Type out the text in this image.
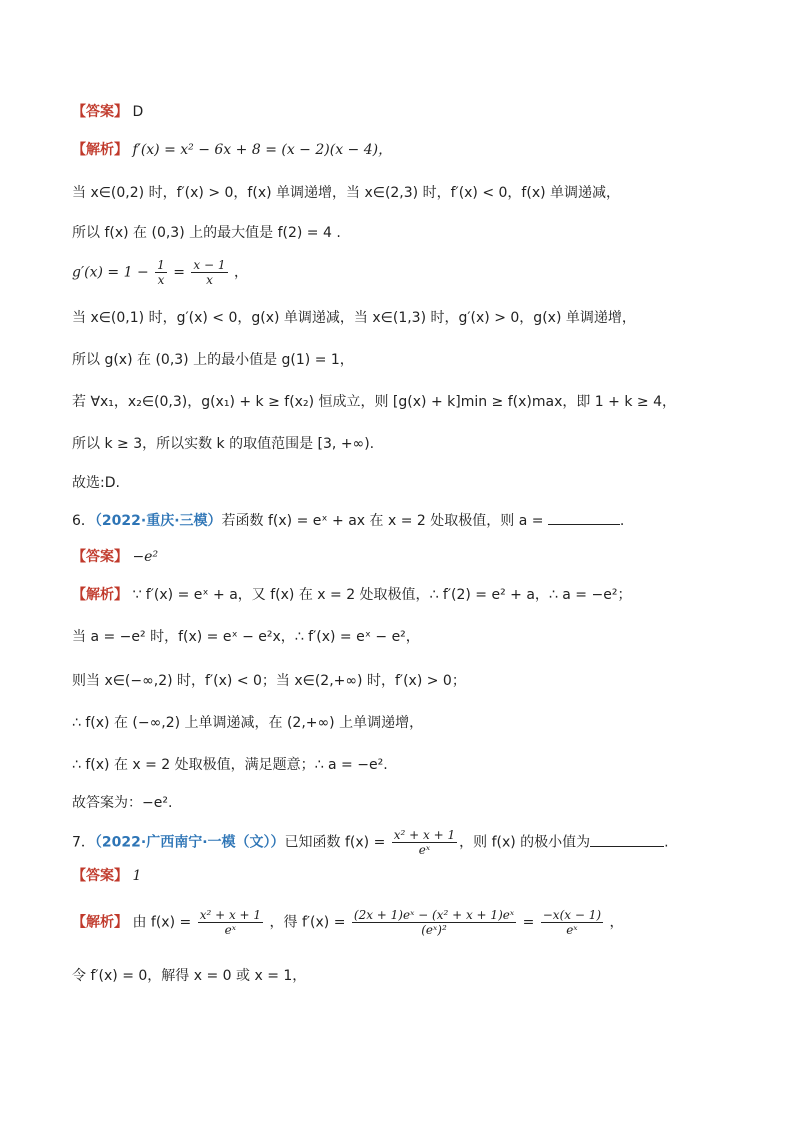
【答案】 D
【解析】 f′(x) = x² − 6x + 8 = (x − 2)(x − 4)，
当 x∈(0,2) 时，f′(x) > 0，f(x) 单调递增，当 x∈(2,3) 时，f′(x) < 0，f(x) 单调递减，
所以 f(x) 在 (0,3) 上的最大值是 f(2) = 4 .
$g'(x) = 1 - \frac{1}{x} = \frac{x - 1}{x}$ ，
当 x∈(0,1) 时，g′(x) < 0，g(x) 单调递减，当 x∈(1,3) 时，g′(x) > 0，g(x) 单调递增，
所以 g(x) 在 (0,3) 上的最小值是 g(1) = 1，
若 ∀x₁，x₂∈(0,3)，g(x₁) + k ≥ f(x₂) 恒成立，则 [g(x) + k]min ≥ f(x)max，即 1 + k ≥ 4，
所以 k ≥ 3，所以实数 k 的取值范围是 [3, +∞).
故选:D.
6．（2022·重庆·三模）若函数 f(x) = eˣ + ax 在 x = 2 处取极值，则 a =	.
【答案】 −e²
【解析】 ∵ f′(x) = eˣ + a，又 f(x) 在 x = 2 处取极值，∴ f′(2) = e² + a，∴ a = −e²；
当 a = −e² 时，f(x) = eˣ − e²x，∴ f′(x) = eˣ − e²，
则当 x∈(−∞,2) 时，f′(x) < 0；当 x∈(2,+∞) 时，f′(x) > 0；
∴ f(x) 在 (−∞,2) 上单调递减，在 (2,+∞) 上单调递增，
∴ f(x) 在 x = 2 处取极值，满足题意；∴ a = −e².
故答案为：−e².
7．（2022·广西南宁·一模（文））已知函数 $f(x) = \frac{\text{x² + x + 1}}{\text{eˣ}}$ ，则 f(x) 的极小值为	.
【答案】 1
【解析】 由 $f(x) = \frac{\text{x² + x + 1}}{\text{eˣ}}$ ，得 $f'(x) = \frac{\text{(2x + 1)eˣ − (x² + x + 1)eˣ}}{\text{(eˣ)²}} = \frac{-x(x - 1)}{\text{eˣ}}$ ，
令 f′(x) = 0，解得 x = 0 或 x = 1，
